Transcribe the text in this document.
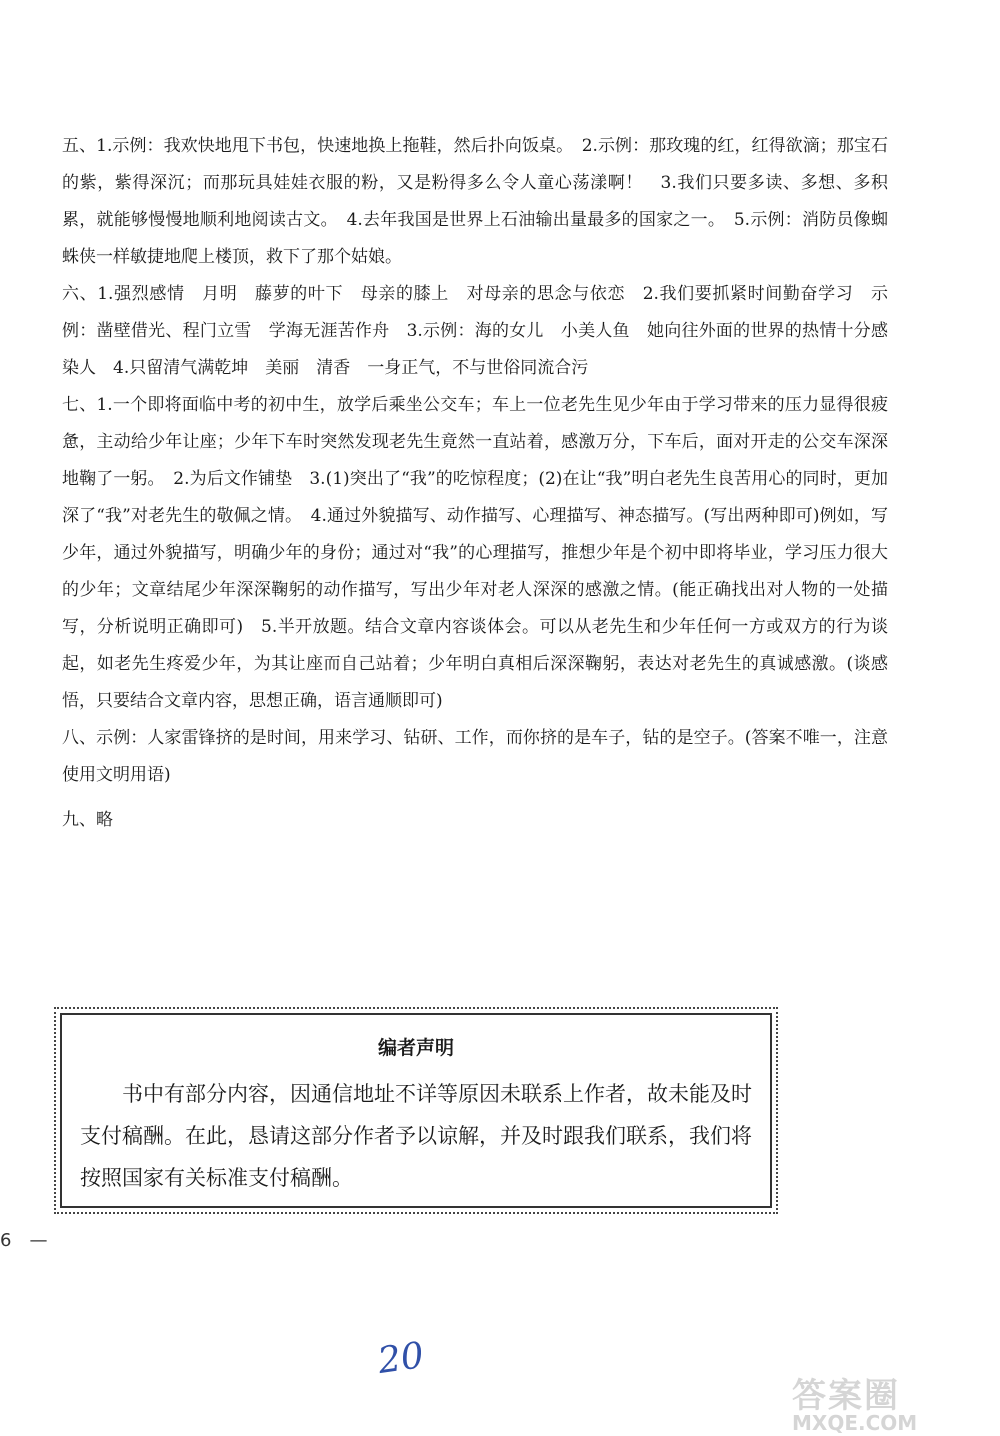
五、1.示例：我欢快地甩下书包，快速地换上拖鞋，然后扑向饭桌。　2.示例：那玫瑰的红，红得欲滴；那宝石的紫，紫得深沉；而那玩具娃娃衣服的粉，又是粉得多么令人童心荡漾啊！　3.我们只要多读、多想、多积累，就能够慢慢地顺利地阅读古文。　4.去年我国是世界上石油输出量最多的国家之一。　5.示例：消防员像蜘蛛侠一样敏捷地爬上楼顶，救下了那个姑娘。

六、1.强烈感情　月明　藤萝的叶下　母亲的膝上　对母亲的思念与依恋　2.我们要抓紧时间勤奋学习　示例：凿壁借光、程门立雪　学海无涯苦作舟　3.示例：海的女儿　小美人鱼　她向往外面的世界的热情十分感染人　4.只留清气满乾坤　美丽　清香　一身正气，不与世俗同流合污

七、1.一个即将面临中考的初中生，放学后乘坐公交车；车上一位老先生见少年由于学习带来的压力显得很疲惫，主动给少年让座；少年下车时突然发现老先生竟然一直站着，感激万分，下车后，面对开走的公交车深深地鞠了一躬。　2.为后文作铺垫　3.(1)突出了“我”的吃惊程度；(2)在让“我”明白老先生良苦用心的同时，更加深了“我”对老先生的敬佩之情。　4.通过外貌描写、动作描写、心理描写、神态描写。(写出两种即可)例如，写少年，通过外貌描写，明确少年的身份；通过对“我”的心理描写，推想少年是个初中即将毕业，学习压力很大的少年；文章结尾少年深深鞠躬的动作描写，写出少年对老人深深的感激之情。(能正确找出对人物的一处描写，分析说明正确即可)　5.半开放题。结合文章内容谈体会。可以从老先生和少年任何一方或双方的行为谈起，如老先生疼爱少年，为其让座而自己站着；少年明白真相后深深鞠躬，表达对老先生的真诚感激。(谈感悟，只要结合文章内容，思想正确，语言通顺即可)

八、示例：人家雷锋挤的是时间，用来学习、钻研、工作，而你挤的是车子，钻的是空子。(答案不唯一，注意使用文明用语)

九、略

编者声明
书中有部分内容，因通信地址不详等原因未联系上作者，故未能及时支付稿酬。在此，恳请这部分作者予以谅解，并及时跟我们联系，我们将按照国家有关标准支付稿酬。
6　—
20
答案圈
MXQE.COM
